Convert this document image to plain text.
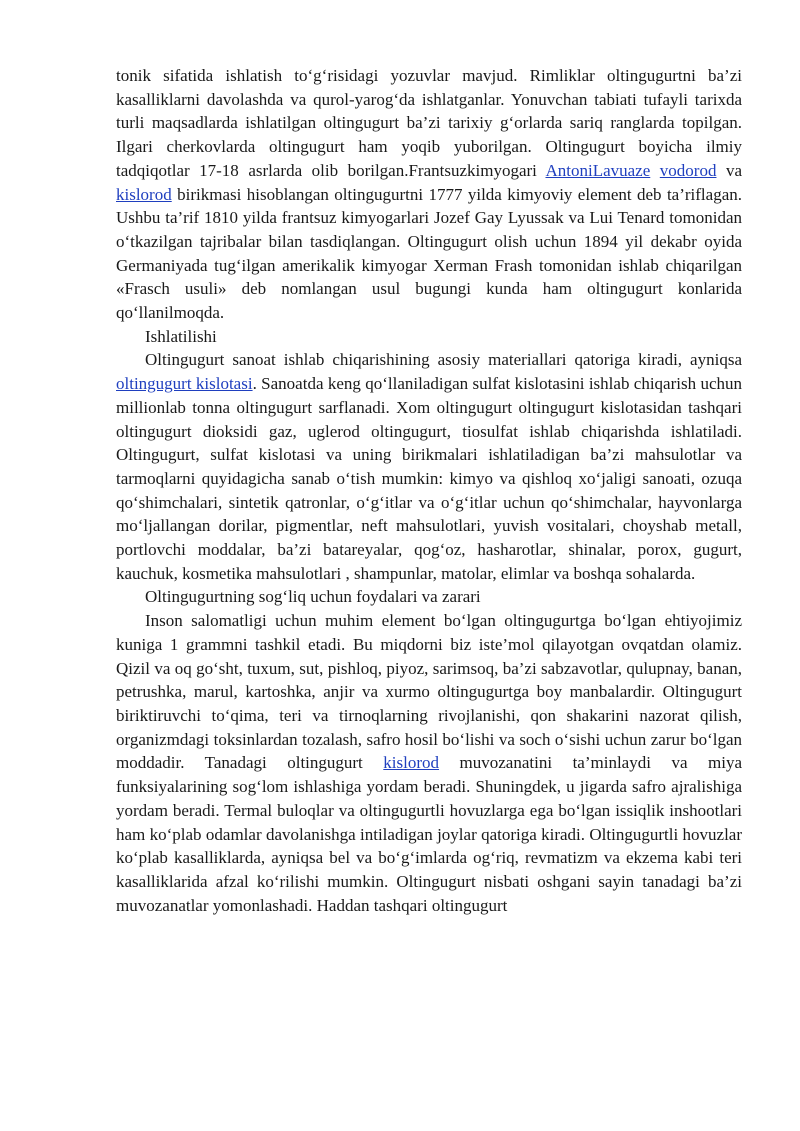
tonik sifatida ishlatish to‘g‘risidagi yozuvlar mavjud. Rimliklar oltingugurtni ba’zi kasalliklarni davolashda va qurol-yarog‘da ishlatganlar. Yonuvchan tabiati tufayli tarixda turli maqsadlarda ishlatilgan oltingugurt ba’zi tarixiy g‘orlarda sariq ranglarda topilgan. Ilgari cherkovlarda oltingugurt ham yoqib yuborilgan. Oltingugurt boyicha ilmiy tadqiqotlar 17-18 asrlarda olib borilgan.Frantsuzkimyogari AntoniLavuaze vodorod va kislorod birikmasi hisoblangan oltingugurtni 1777 yilda kimyoviy element deb ta’riflagan. Ushbu ta’rif 1810 yilda frantsuz kimyogarlari Jozef Gay Lyussak va Lui Tenard tomonidan o‘tkazilgan tajribalar bilan tasdiqlangan. Oltingugurt olish uchun 1894 yil dekabr oyida Germaniyada tug‘ilgan amerikalik kimyogar Xerman Frash tomonidan ishlab chiqarilgan «Frasch usuli» deb nomlangan usul bugungi kunda ham oltingugurt konlarida qo‘llanilmoqda.

Ishlatilishi

Oltingugurt sanoat ishlab chiqarishining asosiy materiallari qatoriga kiradi, ayniqsa oltingugurt kislotasi. Sanoatda keng qo‘llaniladigan sulfat kislotasini ishlab chiqarish uchun millionlab tonna oltingugurt sarflanadi. Xom oltingugurt oltingugurt kislotasidan tashqari oltingugurt dioksidi gaz, uglerod oltingugurt, tiosulfat ishlab chiqarishda ishlatiladi. Oltingugurt, sulfat kislotasi va uning birikmalari ishlatiladigan ba’zi mahsulotlar va tarmoqlarni quyidagicha sanab o‘tish mumkin: kimyo va qishloq xo‘jaligi sanoati, ozuqa qo‘shimchalari, sintetik qatronlar, o‘g‘itlar va o‘g‘itlar uchun qo‘shimchalar, hayvonlarga mo‘ljallangan dorilar, pigmentlar, neft mahsulotlari, yuvish vositalari, choyshab metall, portlovchi moddalar, ba’zi batareyalar, qog‘oz, hasharotlar, shinalar, porox, gugurt, kauchuk, kosmetika mahsulotlari , shampunlar, matolar, elimlar va boshqa sohalarda.

Oltingugurtning sog‘liq uchun foydalari va zarari

Inson salomatligi uchun muhim element bo‘lgan oltingugurtga bo‘lgan ehtiyojimiz kuniga 1 grammni tashkil etadi. Bu miqdorni biz iste’mol qilayotgan ovqatdan olamiz. Qizil va oq go‘sht, tuxum, sut, pishloq, piyoz, sarimsoq, ba’zi sabzavotlar, qulupnay, banan, petrushka, marul, kartoshka, anjir va xurmo oltingugurtga boy manbalardir. Oltingugurt biriktiruvchi to‘qima, teri va tirnoqlarning rivojlanishi, qon shakarini nazorat qilish, organizmdagi toksinlardan tozalash, safro hosil bo‘lishi va soch o‘sishi uchun zarur bo‘lgan moddadir. Tanadagi oltingugurt kislorod muvozanatini ta’minlaydi va miya funksiyalarining sog‘lom ishlashiga yordam beradi. Shuningdek, u jigarda safro ajralishiga yordam beradi. Termal buloqlar va oltingugurtli hovuzlarga ega bo‘lgan issiqlik inshootlari ham ko‘plab odamlar davolanishga intiladigan joylar qatoriga kiradi. Oltingugurtli hovuzlar ko‘plab kasalliklarda, ayniqsa bel va bo‘g‘imlarda og‘riq, revmatizm va ekzema kabi teri kasalliklarida afzal ko‘rilishi mumkin. Oltingugurt nisbati oshgani sayin tanadagi ba’zi muvozanatlar yomonlashadi. Haddan tashqari oltingugurt
